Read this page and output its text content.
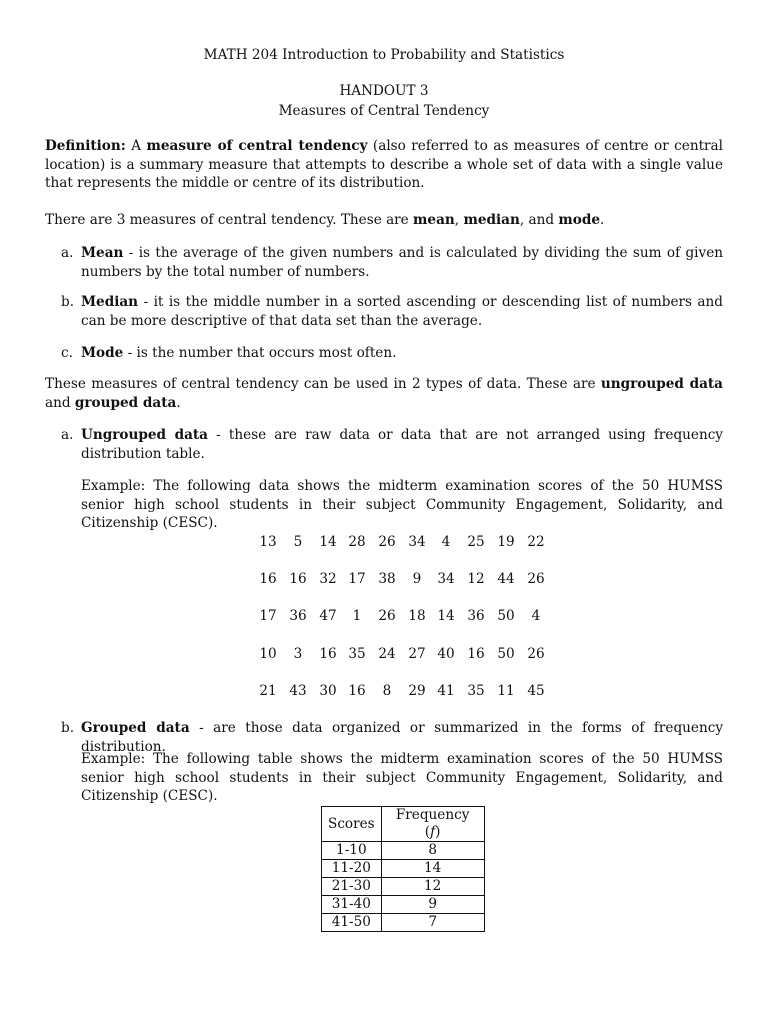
MATH 204 Introduction to Probability and Statistics
HANDOUT 3
Measures of Central Tendency
Definition: A measure of central tendency (also referred to as measures of centre or central location) is a summary measure that attempts to describe a whole set of data with a single value that represents the middle or centre of its distribution.
There are 3 measures of central tendency. These are mean, median, and mode.
a. Mean - is the average of the given numbers and is calculated by dividing the sum of given numbers by the total number of numbers.
b. Median - it is the middle number in a sorted ascending or descending list of numbers and can be more descriptive of that data set than the average.
c. Mode - is the number that occurs most often.
These measures of central tendency can be used in 2 types of data. These are ungrouped data and grouped data.
a. Ungrouped data - these are raw data or data that are not arranged using frequency distribution table.
Example: The following data shows the midterm examination scores of the 50 HUMSS senior high school students in their subject Community Engagement, Solidarity, and Citizenship (CESC).
13	5	14 28 26 34	4	25 19 22
16 16 32 17 38	9	34 12 44 26
17 36 47	1	26 18 14 36 50	4
10	3	16 35 24 27 40 16 50 26
21 43 30 16	8	29 41 35 11 45
b. Grouped data - are those data organized or summarized in the forms of frequency distribution.
Example: The following table shows the midterm examination scores of the 50 HUMSS senior high school students in their subject Community Engagement, Solidarity, and Citizenship (CESC).
Scores	Frequency (f)
1-10	8
11-20	14
21-30	12
31-40	9
41-50	7
